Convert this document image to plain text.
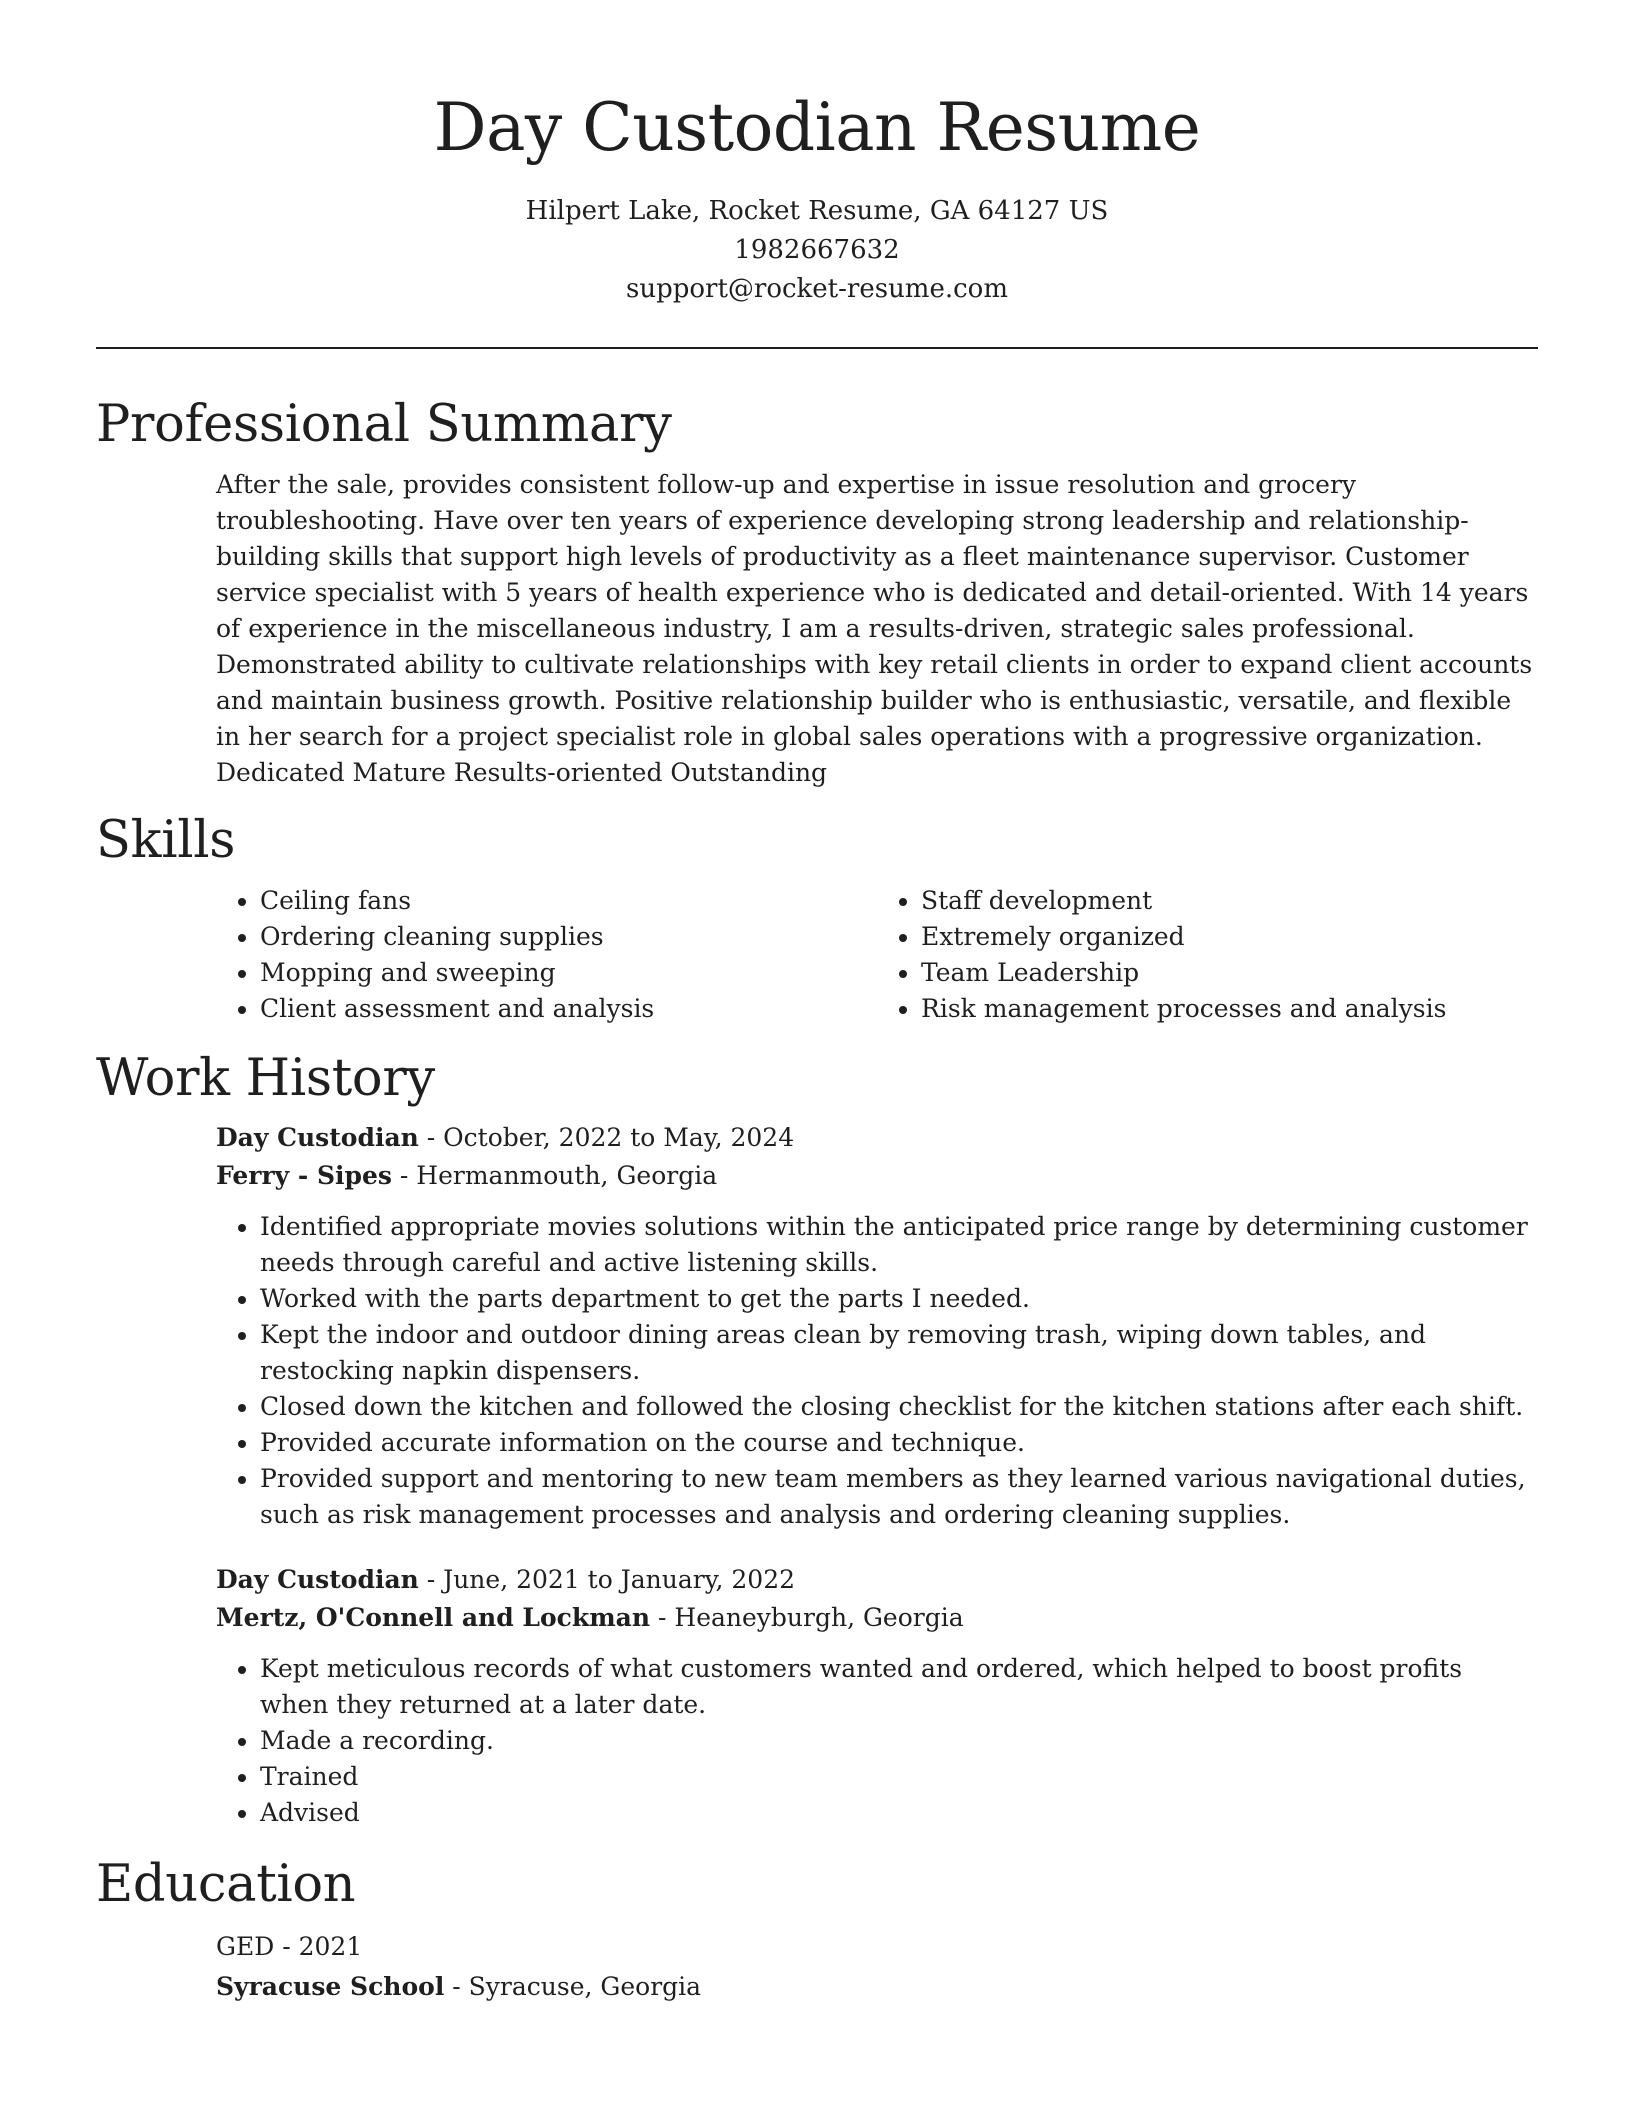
Day Custodian Resume
Hilpert Lake, Rocket Resume, GA 64127 US
1982667632
support@rocket-resume.com
Professional Summary

After the sale, provides consistent follow-up and expertise in issue resolution and grocery troubleshooting. Have over ten years of experience developing strong leadership and relationship-building skills that support high levels of productivity as a fleet maintenance supervisor. Customer service specialist with 5 years of health experience who is dedicated and detail-oriented. With 14 years of experience in the miscellaneous industry, I am a results-driven, strategic sales professional. Demonstrated ability to cultivate relationships with key retail clients in order to expand client accounts and maintain business growth. Positive relationship builder who is enthusiastic, versatile, and flexible in her search for a project specialist role in global sales operations with a progressive organization. Dedicated Mature Results-oriented Outstanding

Skills
• Ceiling fans
• Ordering cleaning supplies
• Mopping and sweeping
• Client assessment and analysis
• Staff development
• Extremely organized
• Team Leadership
• Risk management processes and analysis
Work History
Day Custodian - October, 2022 to May, 2024
Ferry - Sipes - Hermanmouth, Georgia
• Identified appropriate movies solutions within the anticipated price range by determining customer needs through careful and active listening skills.
• Worked with the parts department to get the parts I needed.
• Kept the indoor and outdoor dining areas clean by removing trash, wiping down tables, and restocking napkin dispensers.
• Closed down the kitchen and followed the closing checklist for the kitchen stations after each shift.
• Provided accurate information on the course and technique.
• Provided support and mentoring to new team members as they learned various navigational duties, such as risk management processes and analysis and ordering cleaning supplies.
Day Custodian - June, 2021 to January, 2022
Mertz, O'Connell and Lockman - Heaneyburgh, Georgia
• Kept meticulous records of what customers wanted and ordered, which helped to boost profits when they returned at a later date.
• Made a recording.
• Trained
• Advised
Education
GED - 2021
Syracuse School - Syracuse, Georgia
